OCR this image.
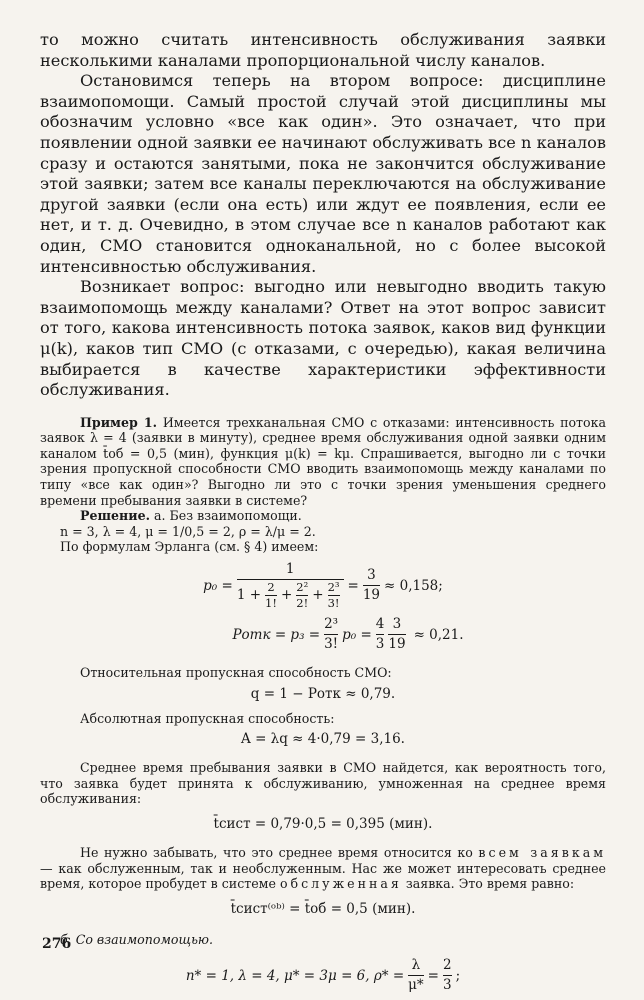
то можно считать интенсивность обслуживания заявки несколькими каналами пропорциональной числу каналов.

Остановимся теперь на втором вопросе: дисциплине взаимопомощи. Самый простой случай этой дисциплины мы обозначим условно «все как один». Это означает, что при появлении одной заявки ее начинают обслуживать все n каналов сразу и остаются занятыми, пока не закончится обслуживание этой заявки; затем все каналы переключаются на обслуживание другой заявки (если она есть) или ждут ее появления, если ее нет, и т. д. Очевидно, в этом случае все n каналов работают как один, СМО становится одноканальной, но с более высокой интенсивностью обслуживания.

Возникает вопрос: выгодно или невыгодно вводить такую взаимопомощь между каналами? Ответ на этот вопрос зависит от того, какова интенсивность потока заявок, каков вид функции μ(k), каков тип СМО (с отказами, с очередью), какая величина выбирается в качестве характеристики эффективности обслуживания.

Пример 1. Имеется трехканальная СМО с отказами: интенсивность потока заявок λ = 4 (заявки в минуту), среднее время обслуживания одной заявки одним каналом t̄об = 0,5 (мин), функция μ(k) = kμ. Спрашивается, выгодно ли с точки зрения пропускной способности СМО вводить взаимопомощь между каналами по типу «все как один»? Выгодно ли это с точки зрения уменьшения среднего времени пребывания заявки в системе?

Решение. а. Без взаимопомощи.

n = 3, λ = 4, μ = 1/0,5 = 2, ρ = λ/μ = 2.

По формулам Эрланга (см. § 4) имеем:

p₀ =
1
$1 + \frac{2}{1!} + \frac{\text{2²}}{2!} + \frac{\text{2³}}{3!} = \frac{3}{19} \approx 0,158$;
Pотк = $p_3 = \frac{\text{2³}}{3!} p_0 = \frac{4}{3} \frac{3}{19} \approx 0,21$.

Относительная пропускная способность СМО:

q = 1 − Pотк ≈ 0,79.

Абсолютная пропускная способность:

A = λq ≈ 4·0,79 = 3,16.

Среднее время пребывания заявки в СМО найдется, как вероятность того, что заявка будет принята к обслуживанию, умноженная на среднее время обслуживания:

t̄сист = 0,79·0,5 = 0,395 (мин).

Не нужно забывать, что это среднее время относится ко всем заявкам — как обслуженным, так и необслуженным. Нас же может интересовать среднее время, которое пробудет в системе обслуженная заявка. Это время равно:

t̄сист⁽ᵒᵇ⁾ = t̄об = 0,5 (мин).

б. Со взаимопомощью.

n* = 1, λ = 4, μ* = 3μ = 6, $\rho* = \frac{\lambda}{\mu*} = \frac{2}{3}$ ;
276
